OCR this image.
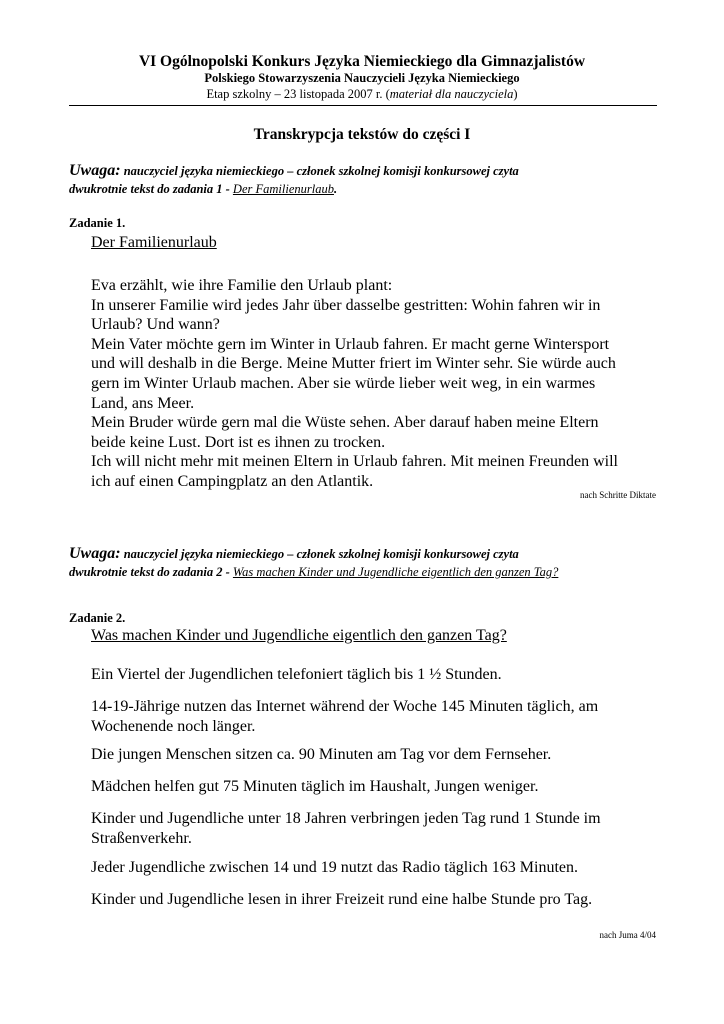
VI Ogólnopolski Konkurs Języka Niemieckiego dla Gimnazjalistów
Polskiego Stowarzyszenia Nauczycieli Języka Niemieckiego
Etap szkolny – 23 listopada 2007 r. (materiał dla nauczyciela)
Transkrypcja tekstów do części I
Uwaga: nauczyciel języka niemieckiego – członek szkolnej komisji konkursowej czyta
dwukrotnie tekst do zadania 1 - Der Familienurlaub.
Zadanie 1.
Der Familienurlaub
Eva erzählt, wie ihre Familie den Urlaub plant:
In unserer Familie wird jedes Jahr über dasselbe gestritten: Wohin fahren wir in
Urlaub? Und wann?
Mein Vater möchte gern im Winter in Urlaub fahren. Er macht gerne Wintersport
und will deshalb in die Berge. Meine Mutter friert im Winter sehr. Sie würde auch
gern im Winter Urlaub machen. Aber sie würde lieber weit weg, in ein warmes
Land, ans Meer.
Mein Bruder würde gern mal die Wüste sehen. Aber darauf haben meine Eltern
beide keine Lust. Dort ist es ihnen zu trocken.
Ich will nicht mehr mit meinen Eltern in Urlaub fahren. Mit meinen Freunden will
ich auf einen Campingplatz an den Atlantik.
nach Schritte Diktate
Uwaga: nauczyciel języka niemieckiego – członek szkolnej komisji konkursowej czyta
dwukrotnie tekst do zadania 2 - Was machen Kinder und Jugendliche eigentlich den ganzen Tag?
Zadanie 2.
Was machen Kinder und Jugendliche eigentlich den ganzen Tag?
Ein Viertel der Jugendlichen telefoniert täglich bis 1 ½ Stunden.
14-19-Jährige nutzen das Internet während der Woche 145 Minuten täglich, am
Wochenende noch länger.
Die jungen Menschen sitzen ca. 90 Minuten am Tag vor dem Fernseher.
Mädchen helfen gut 75 Minuten täglich im Haushalt, Jungen weniger.
Kinder und Jugendliche unter 18 Jahren verbringen jeden Tag rund 1 Stunde im
Straßenverkehr.
Jeder Jugendliche zwischen 14 und 19 nutzt das Radio täglich 163 Minuten.
Kinder und Jugendliche lesen in ihrer Freizeit rund eine halbe Stunde pro Tag.
nach Juma 4/04
